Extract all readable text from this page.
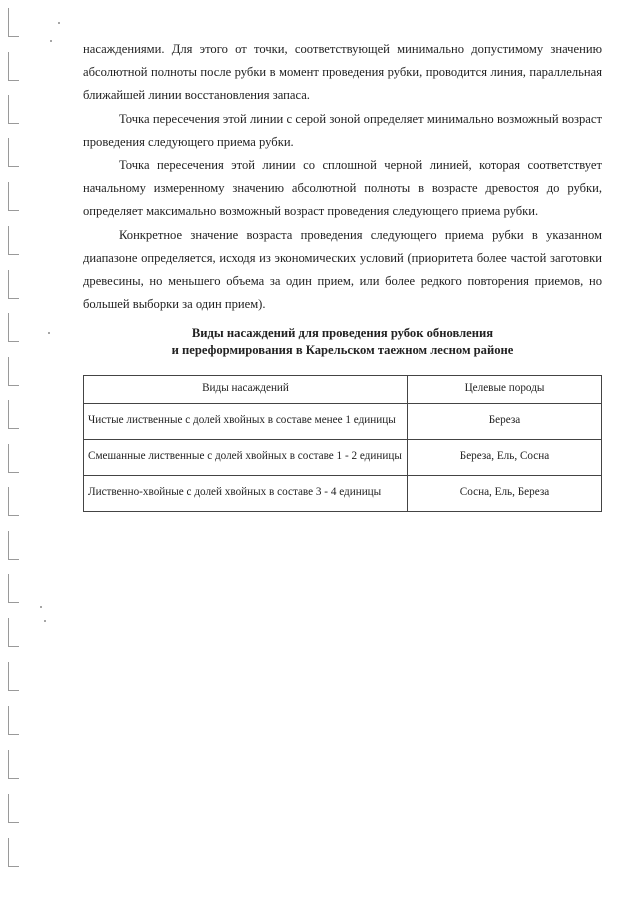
насаждениями. Для этого от точки, соответствующей минимально допустимому значению абсолютной полноты после рубки в момент проведения рубки, проводится линия, параллельная ближайшей линии восстановления запаса.

Точка пересечения этой линии с серой зоной определяет минимально возможный возраст проведения следующего приема рубки.

Точка пересечения этой линии со сплошной черной линией, которая соответствует начальному измеренному значению абсолютной полноты в возрасте древостоя до рубки, определяет максимально возможный возраст проведения следующего приема рубки.

Конкретное значение возраста проведения следующего приема рубки в указанном диапазоне определяется, исходя из экономических условий (приоритета более частой заготовки древесины, но меньшего объема за один прием, или более редкого повторения приемов, но большей выборки за один прием).

Виды насаждений для проведения рубок обновления
и переформирования в Карельском таежном лесном районе
Виды насаждений	Целевые породы
Чистые лиственные с долей хвойных в составе менее 1 единицы	Береза
Смешанные лиственные с долей хвойных в составе 1 - 2 единицы	Береза, Ель, Сосна
Лиственно-хвойные с долей хвойных в составе 3 - 4 единицы	Сосна, Ель, Береза
